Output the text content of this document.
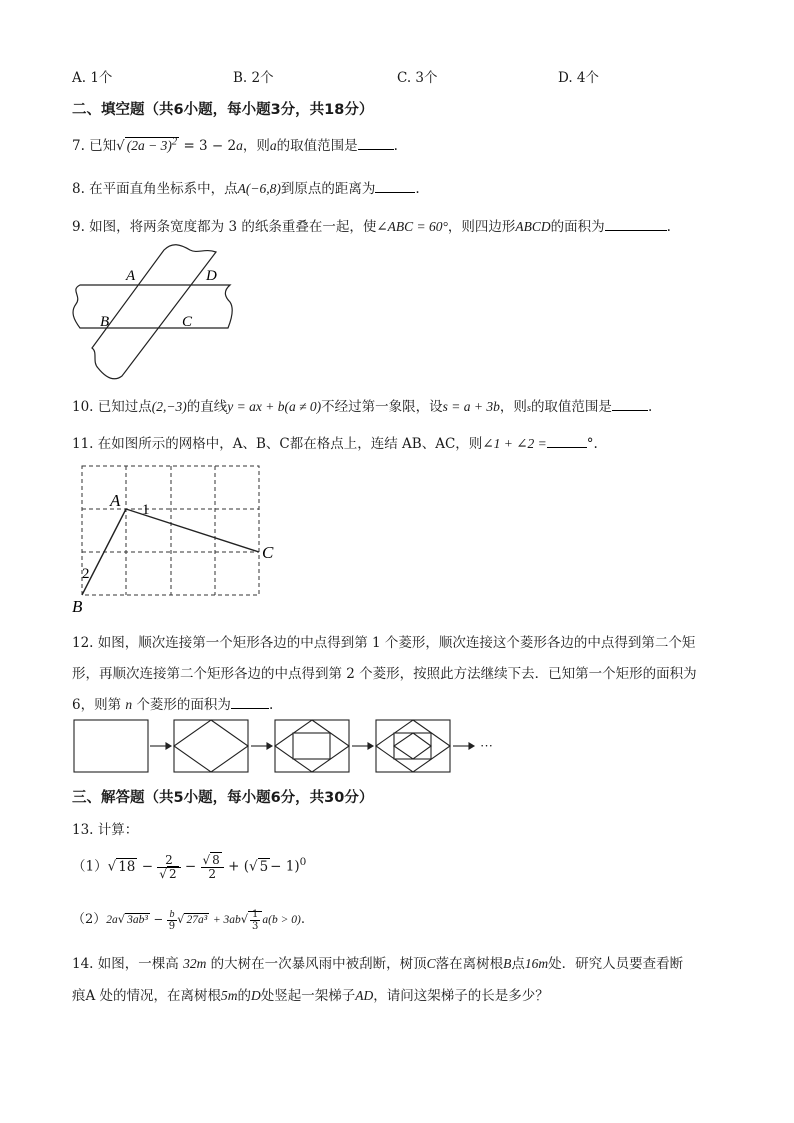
A. 1个	B. 2个	C. 3个	D. 4个
二、填空题（共6小题，每小题3分，共18分）
7. 已知√ $(2a - 3)^2 = 3 - 2a$，则a的取值范围是	.
8. 在平面直角坐标系中，点A(−6,8)到原点的距离为	.
9. 如图，将两条宽度都为 3 的纸条重叠在一起，使∠ABC = 60°，则四边形ABCD的面积为	.
A	D
B	C
10. 已知过点(2,−3)的直线y = ax + b(a ≠ 0)不经过第一象限，设s = a + 3b，则s的取值范围是	.
11. 在如图所示的网格中，A、B、C都在格点上，连结 AB、AC，则∠1 + ∠2 =	°.
A 1
C
2
B
12. 如图，顺次连接第一个矩形各边的中点得到第 1 个菱形，顺次连接这个菱形各边的中点得到第二个矩
形，再顺次连接第二个矩形各边的中点得到第 2 个菱形，按照此方法继续下去．已知第一个矩形的面积为
6，则第 n 个菱形的面积为	.
···
三、解答题（共5小题，每小题6分，共30分）
13. 计算：
（1）√ $18 - \frac{2}{√ 2} - \frac{√ 8}{2}$ + (√ 5 − 1)$^0$
（2）2a√ $3ab^3 - \frac{b}{9}$ √ $27a^3 + 3ab√ \frac{1}{3} a(b > 0)$.
14. 如图，一棵高 32m 的大树在一次暴风雨中被刮断，树顶C落在离树根B点16m处．研究人员要查看断
痕A 处的情况，在离树根5m的D处竖起一架梯子AD，请问这架梯子的长是多少？
